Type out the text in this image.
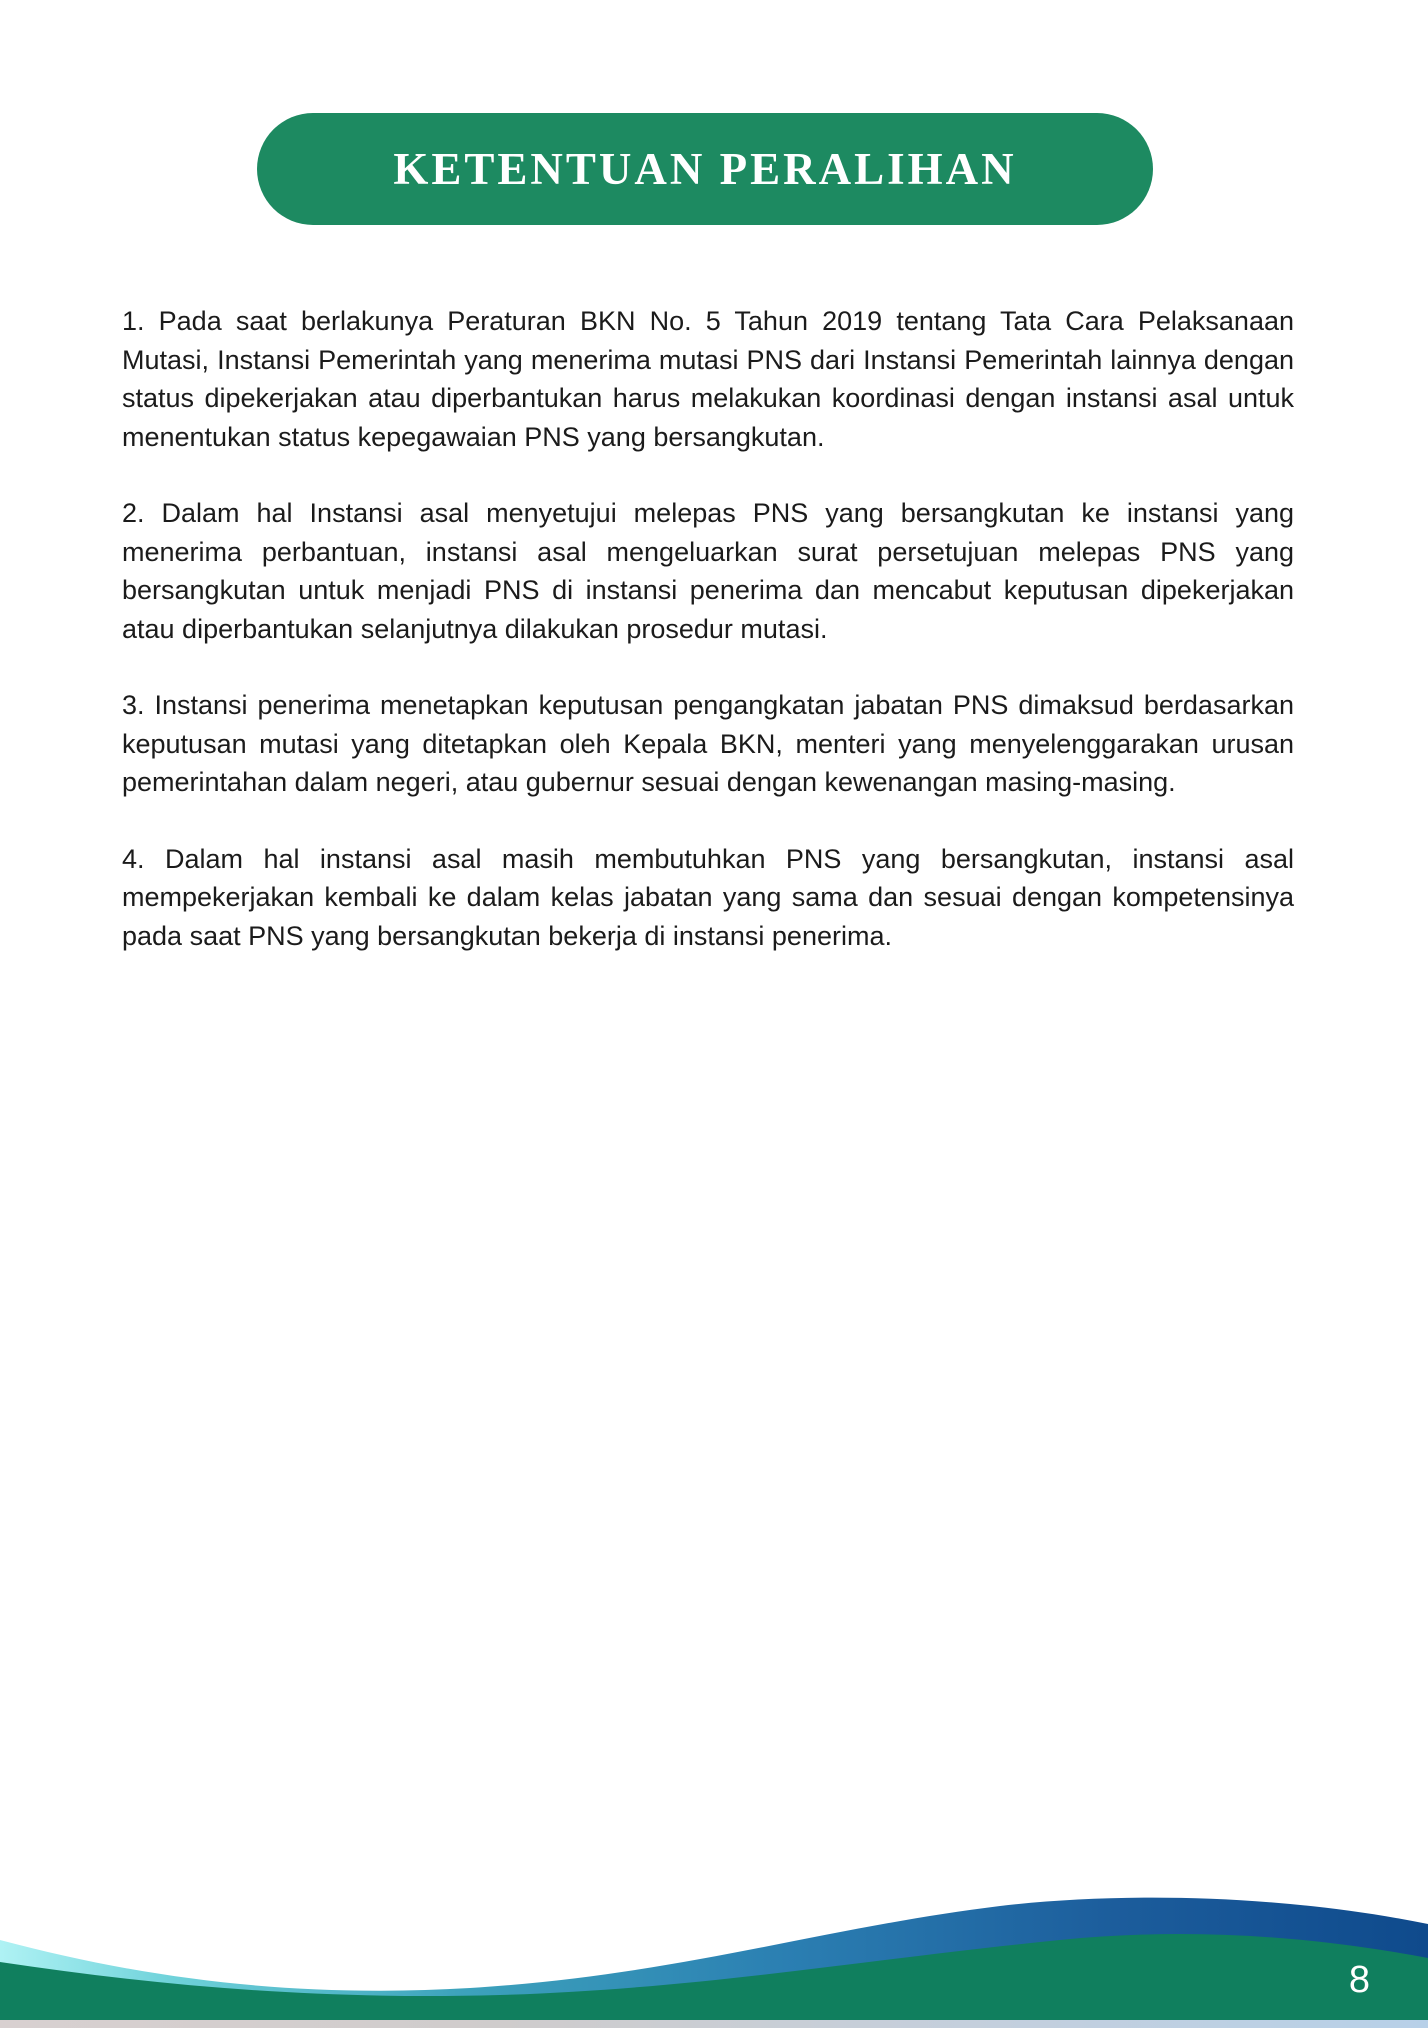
KETENTUAN PERALIHAN

1. Pada saat berlakunya Peraturan BKN No. 5 Tahun 2019 tentang Tata Cara Pelaksanaan Mutasi, Instansi Pemerintah yang menerima mutasi PNS dari Instansi Pemerintah lainnya dengan status dipekerjakan atau diperbantukan harus melakukan koordinasi dengan instansi asal untuk menentukan status kepegawaian PNS yang bersangkutan.

2. Dalam hal Instansi asal menyetujui melepas PNS yang bersangkutan ke instansi yang menerima perbantuan, instansi asal mengeluarkan surat persetujuan melepas PNS yang bersangkutan untuk menjadi PNS di instansi penerima dan mencabut keputusan dipekerjakan atau diperbantukan selanjutnya dilakukan prosedur mutasi.

3. Instansi penerima menetapkan keputusan pengangkatan jabatan PNS dimaksud berdasarkan keputusan mutasi yang ditetapkan oleh Kepala BKN, menteri yang menyelenggarakan urusan pemerintahan dalam negeri, atau gubernur sesuai dengan kewenangan masing-masing.

4. Dalam hal instansi asal masih membutuhkan PNS yang bersangkutan, instansi asal mempekerjakan kembali ke dalam kelas jabatan yang sama dan sesuai dengan kompetensinya pada saat PNS yang bersangkutan bekerja di instansi penerima.

8
